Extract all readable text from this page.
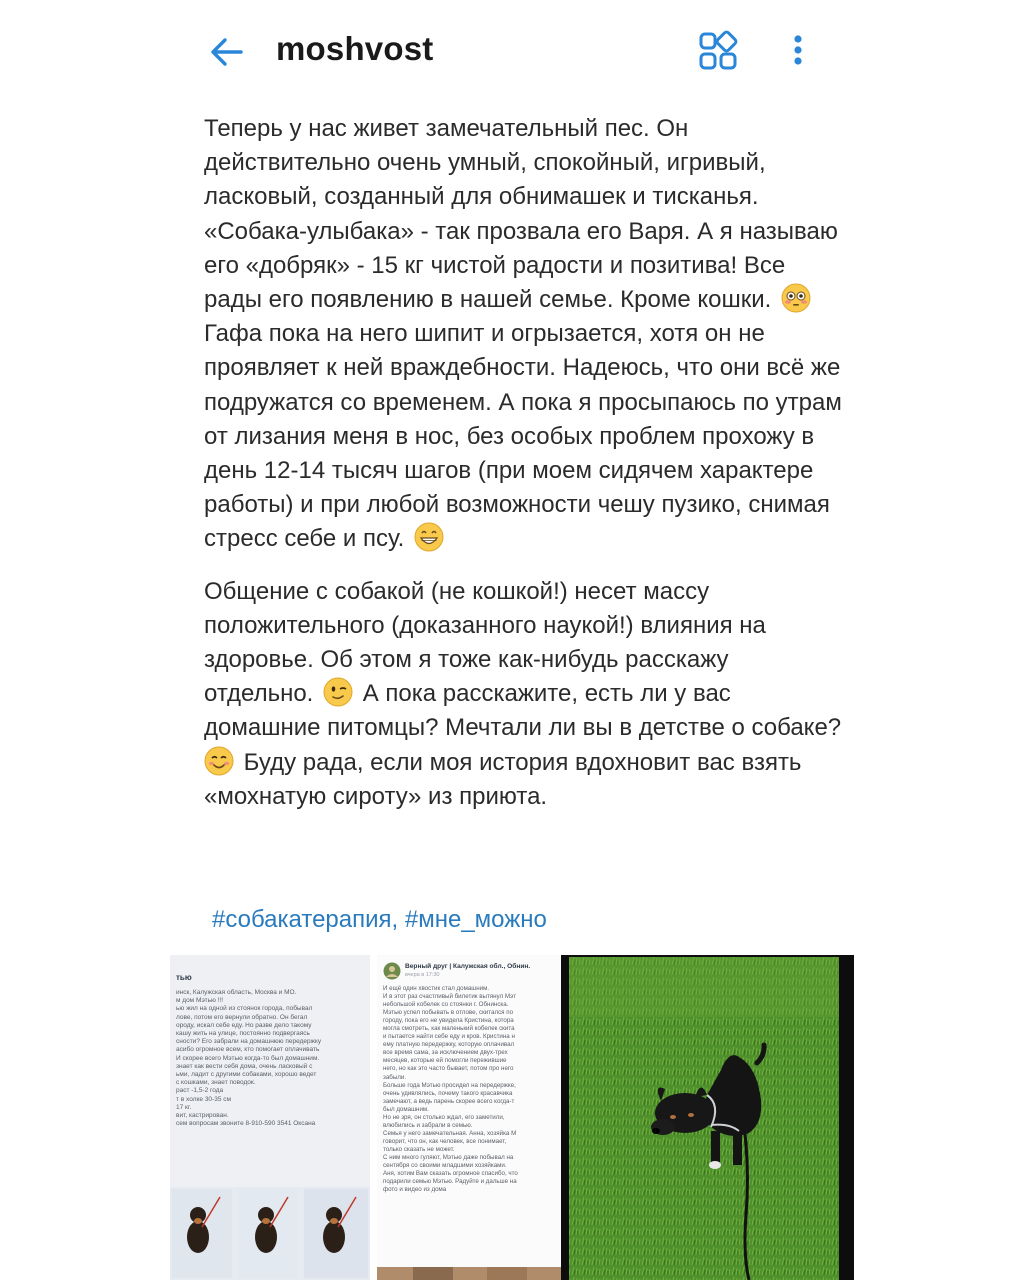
moshvost

Теперь у нас живет замечательный пес. Он действительно очень умный, спокойный, игривый, ласковый, созданный для обнимашек и тисканья. «Собака-улыбака» - так прозвала его Варя. А я называю его «добряк» - 15 кг чистой радости и позитива! Все рады его появлению в нашей семье. Кроме кошки.  Гафа пока на него шипит и огрызается, хотя он не проявляет к ней враждебности. Надеюсь, что они всё же подружатся со временем. А пока я просыпаюсь по утрам от лизания меня в нос, без особых проблем прохожу в день 12-14 тысяч шагов (при моем сидячем характере работы) и при любой возможности чешу пузико, снимая стресс себе и псу.

Общение с собакой (не кошкой!) несет массу положительного (доказанного наукой!) влияния на здоровье. Об этом я тоже как-нибудь расскажу отдельно. А пока расскажите, есть ли у вас домашние питомцы? Мечтали ли вы в детстве о собаке?
Буду рада, если моя история вдохновит вас взять «мохнатую сироту» из приюта.

#собакатерапия, #мне_можно
тью
инск, Калужская область, Москва и МО.
м дом Мэтью !!!
ью жил на одной из стоянок города, побывал
лове, потом его вернули обратно. Он бегал
ороду, искал себе еду. Но разве дело такому
кашу жить на улице, постоянно подвергаясь
сности? Его забрали на домашнюю передержку
асибо огромное всем, кто помогает оплачивать
И скорее всего Мэтью когда-то был домашним.
знает как вести себя дома, очень ласковый с
ьми, ладит с другими собаками, хорошо ведет
с кошками, знает поводок.
раст -1,5-2 года
т в холке 30-35 см
17 кг.
вит, кастрирован.
сем вопросам звоните 8-910-590 3541 Оксана
Верный друг | Калужская обл., Обнин.
вчера в 17:30
И ещё один хвостик стал домашним.
И в этот раз счастливый билетик вытянул Мэт
небольшой кобелек со стоянки г. Обнинска.
Мэтью успел побывать в отлове, скитался по
городу, пока его не увидела Кристина, котора
могла смотреть, как маленький кобелек скита
и пытается найти себе еду и кров. Кристина н
ему платную передержку, которую оплачивал
все время сама, за исключением двух-трех
месяцев, которые ей помогли пережившие
него, но как это часто бывает, потом про него
забыли.
Больше года Мэтью просидел на передержке,
очень удивлялись, почему такого красавчика
замечают, а ведь парень скорее всего когда-т
был домашним.
Но не зря, он столько ждал, его заметили,
влюбились и забрали в семью.
Семья у него замечательная. Анна, хозяйка М
говорит, что он, как человек, все понимает,
только сказать не может.
С ним много гуляют, Мэтью даже побывал на
сентября со своими младшими хозяйками.
Аня, хотим Вам сказать огромное спасибо, что
подарили семью Мэтью. Радуйте и дальше на
фото и видео из дома
